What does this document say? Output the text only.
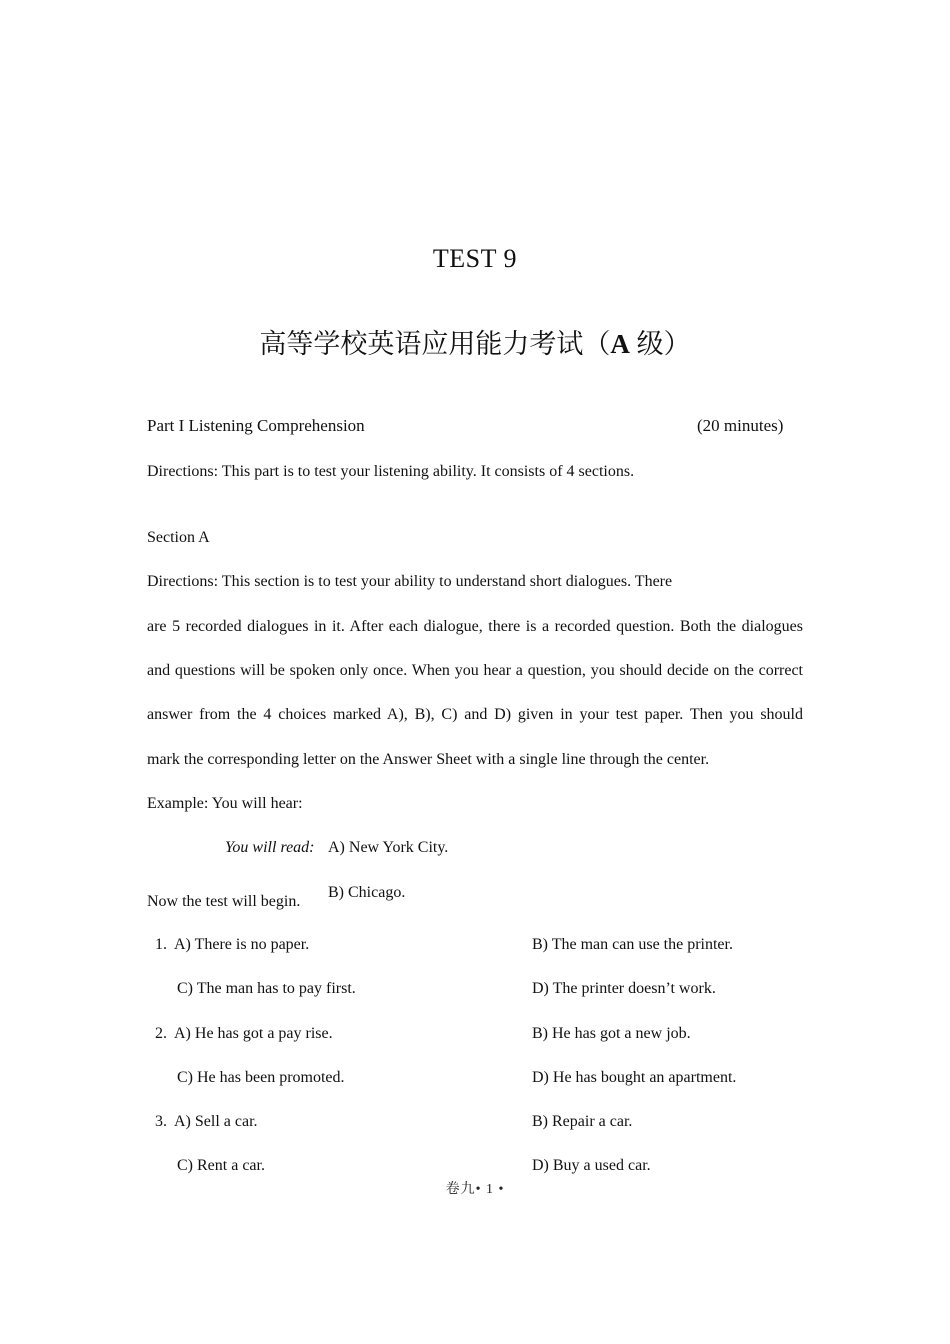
TEST 9
高等学校英语应用能力考试（A 级）
Part I Listening Comprehension	(20 minutes)
Directions: This part is to test your listening ability. It consists of 4 sections.
Section A
Directions: This section is to test your ability to understand short dialogues. There
are 5 recorded dialogues in it. After each dialogue, there is a recorded question. Both the dialogues
and questions will be spoken only once. When you hear a question, you should decide on the correct
answer from the 4 choices marked A), B), C) and D) given in your test paper. Then you should
mark the corresponding letter on the Answer Sheet with a single line through the center.
Example: You will hear:
You will read: A) New York City.
B) Chicago.
Now the test will begin.
1. A) There is no paper.	B) The man can use the printer.
C) The man has to pay first.	D) The printer doesn’t work.
2. A) He has got a pay rise.	B) He has got a new job.
C) He has been promoted.	D) He has bought an apartment.
3. A) Sell a car.	B) Repair a car.
C) Rent a car.	D) Buy a used car.
卷九• 1 •
